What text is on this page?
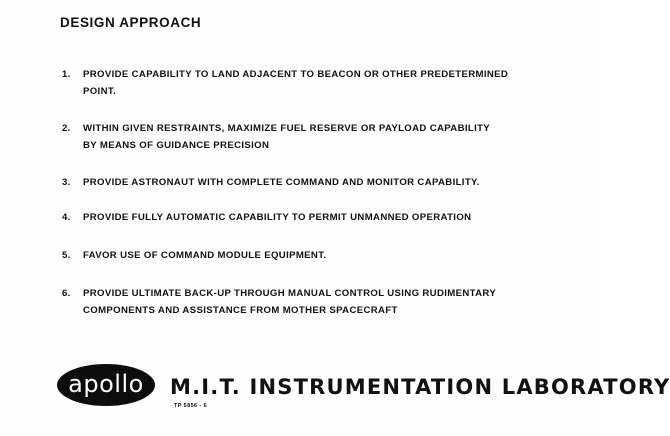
DESIGN APPROACH
1.	PROVIDE CAPABILITY TO LAND ADJACENT TO BEACON OR OTHER PREDETERMINED
POINT.
2.	WITHIN GIVEN RESTRAINTS, MAXIMIZE FUEL RESERVE OR PAYLOAD CAPABILITY
BY MEANS OF GUIDANCE PRECISION
3.	PROVIDE ASTRONAUT WITH COMPLETE COMMAND AND MONITOR CAPABILITY.
4.	PROVIDE FULLY AUTOMATIC CAPABILITY TO PERMIT UNMANNED OPERATION
5.	FAVOR USE OF COMMAND MODULE EQUIPMENT.
6.	PROVIDE ULTIMATE BACK-UP THROUGH MANUAL CONTROL USING RUDIMENTARY
COMPONENTS AND ASSISTANCE FROM MOTHER SPACECRAFT
apollo M.I.T. INSTRUMENTATION LABORATORY
TP 5856 - 6
